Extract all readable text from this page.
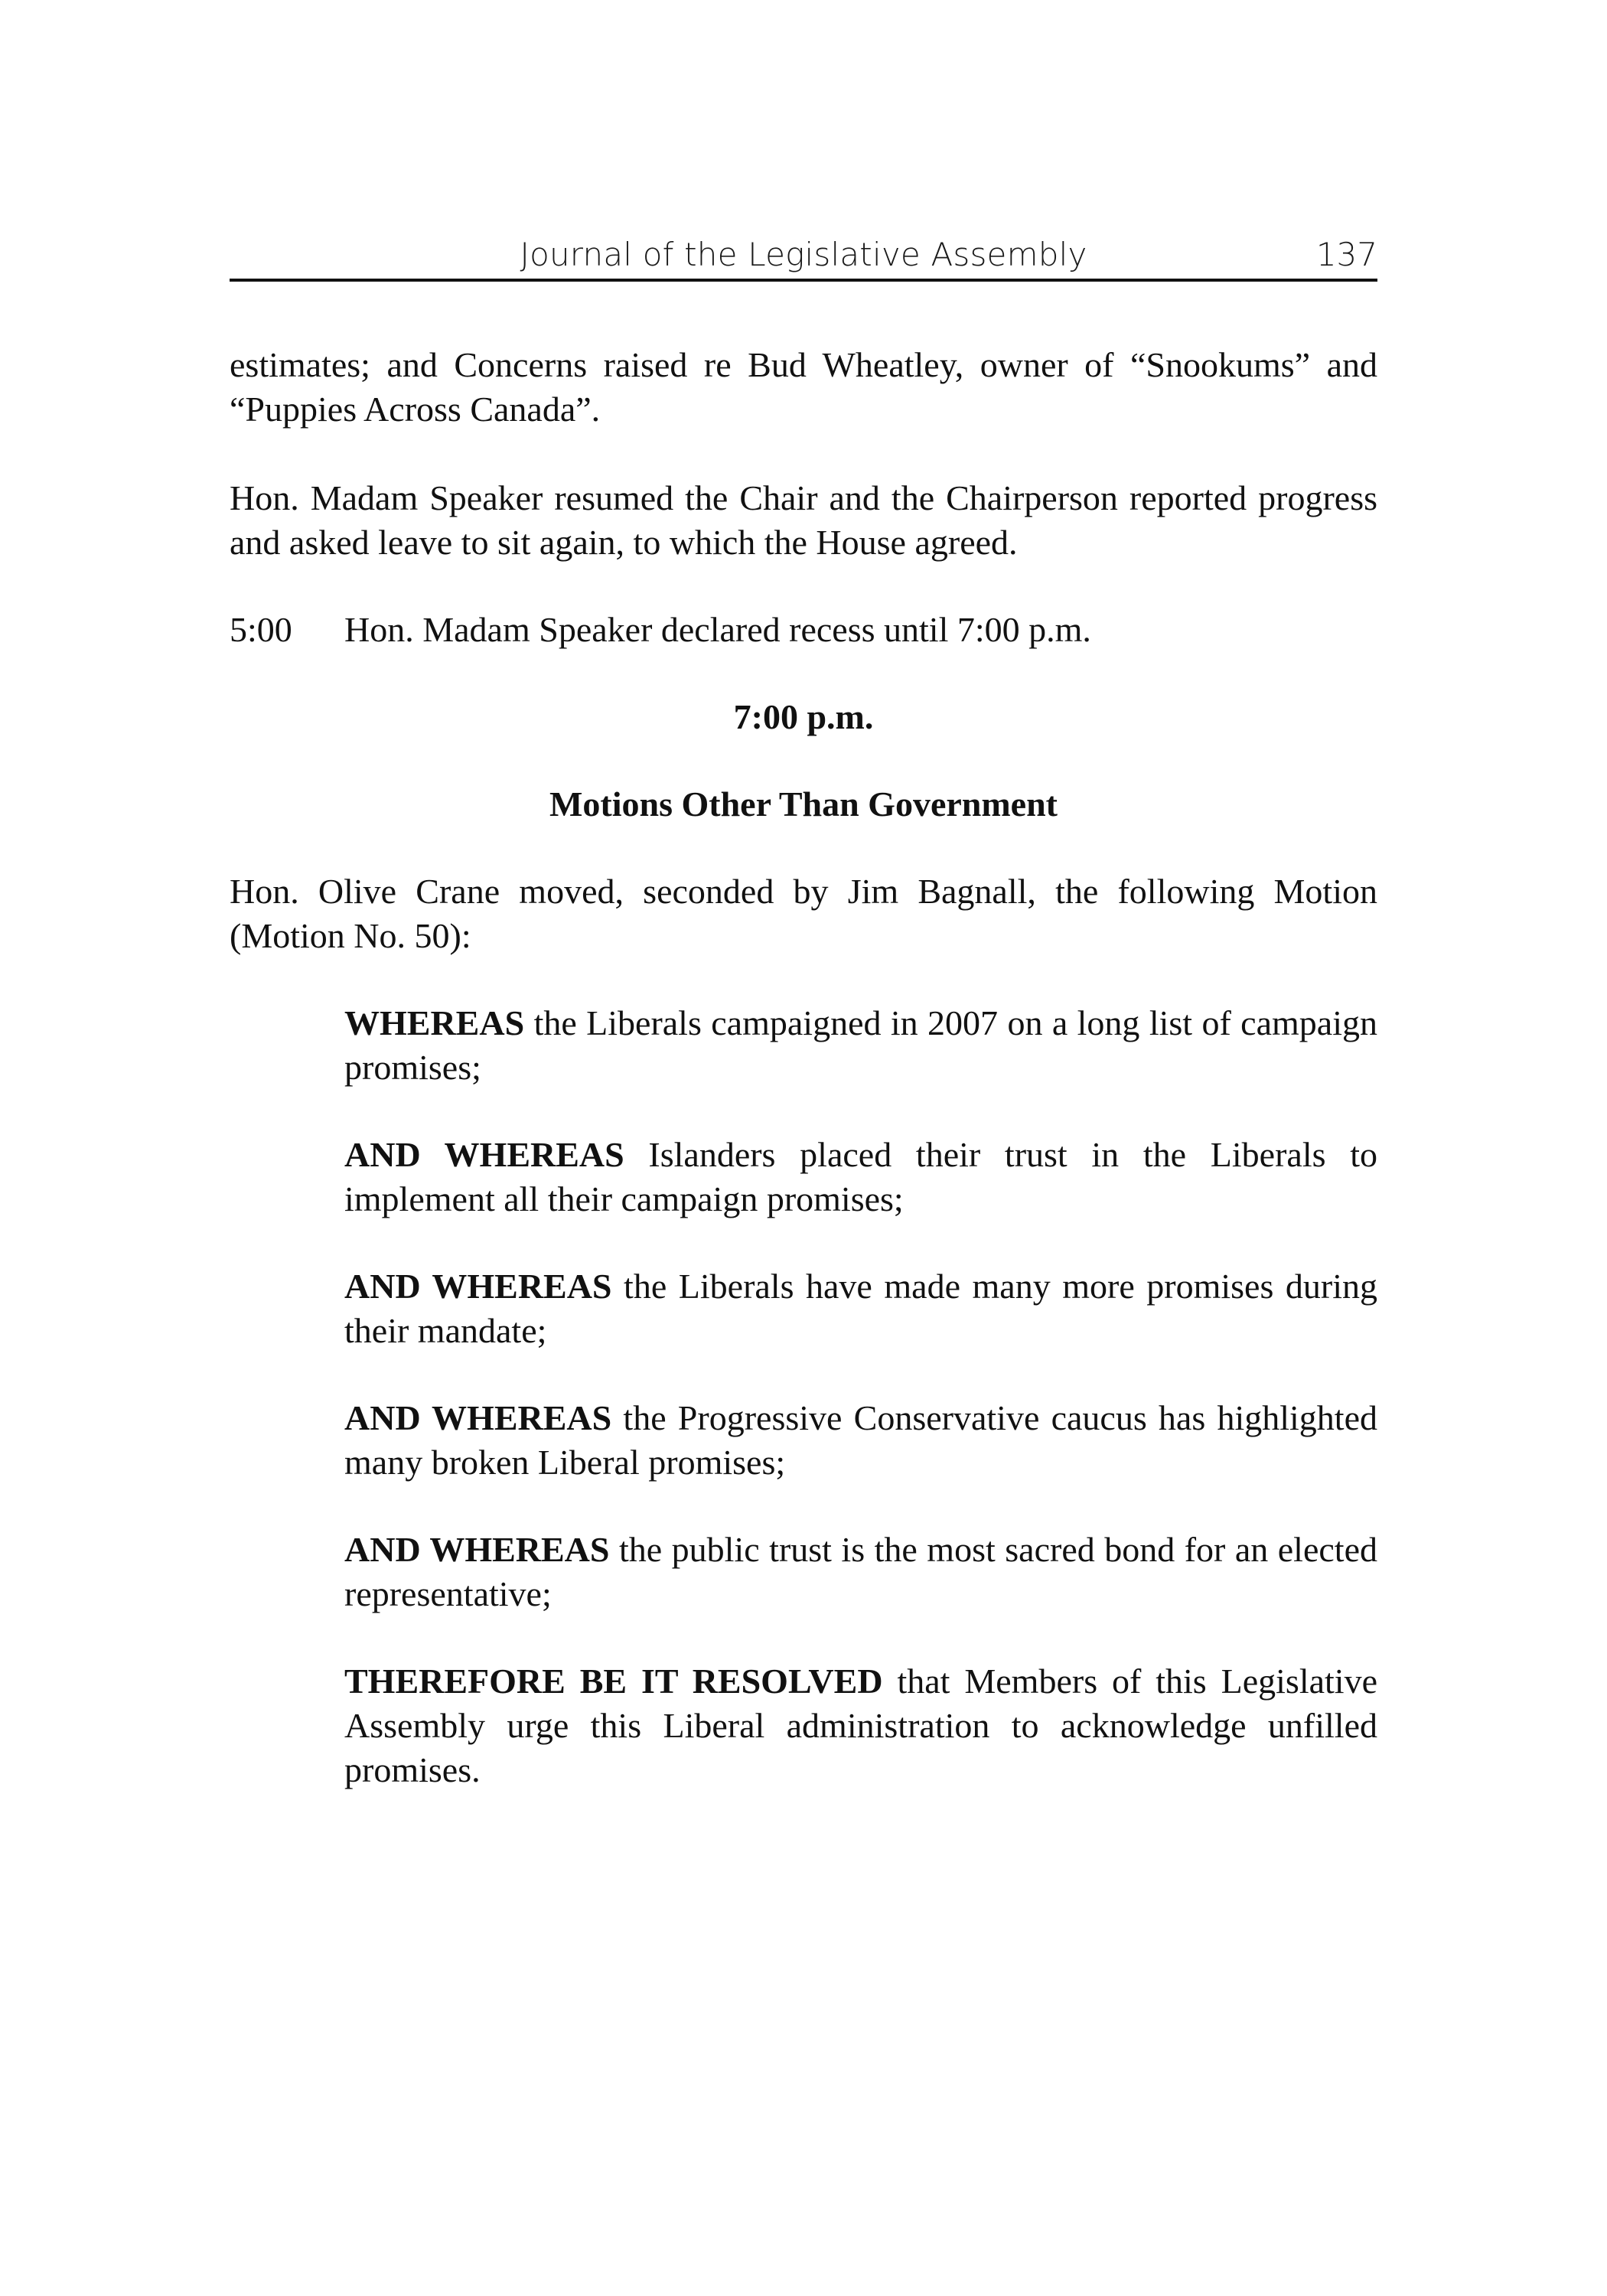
Journal of the Legislative Assembly	137

estimates; and Concerns raised re Bud Wheatley, owner of “Snookums” and “Puppies Across Canada”.

Hon. Madam Speaker resumed the Chair and the Chairperson reported progress and asked leave to sit again, to which the House agreed.

5:00	Hon. Madam Speaker declared recess until 7:00 p.m.

7:00 p.m.

Motions Other Than Government

Hon. Olive Crane moved, seconded by Jim Bagnall, the following Motion (Motion No. 50):

WHEREAS the Liberals campaigned in 2007 on a long list of campaign promises;

AND WHEREAS Islanders placed their trust in the Liberals to implement all their campaign promises;

AND WHEREAS the Liberals have made many more promises during their mandate;

AND WHEREAS the Progressive Conservative caucus has highlighted many broken Liberal promises;

AND WHEREAS the public trust is the most sacred bond for an elected representative;

THEREFORE BE IT RESOLVED that Members of this Legislative Assembly urge this Liberal administration to acknowledge unfilled promises.
